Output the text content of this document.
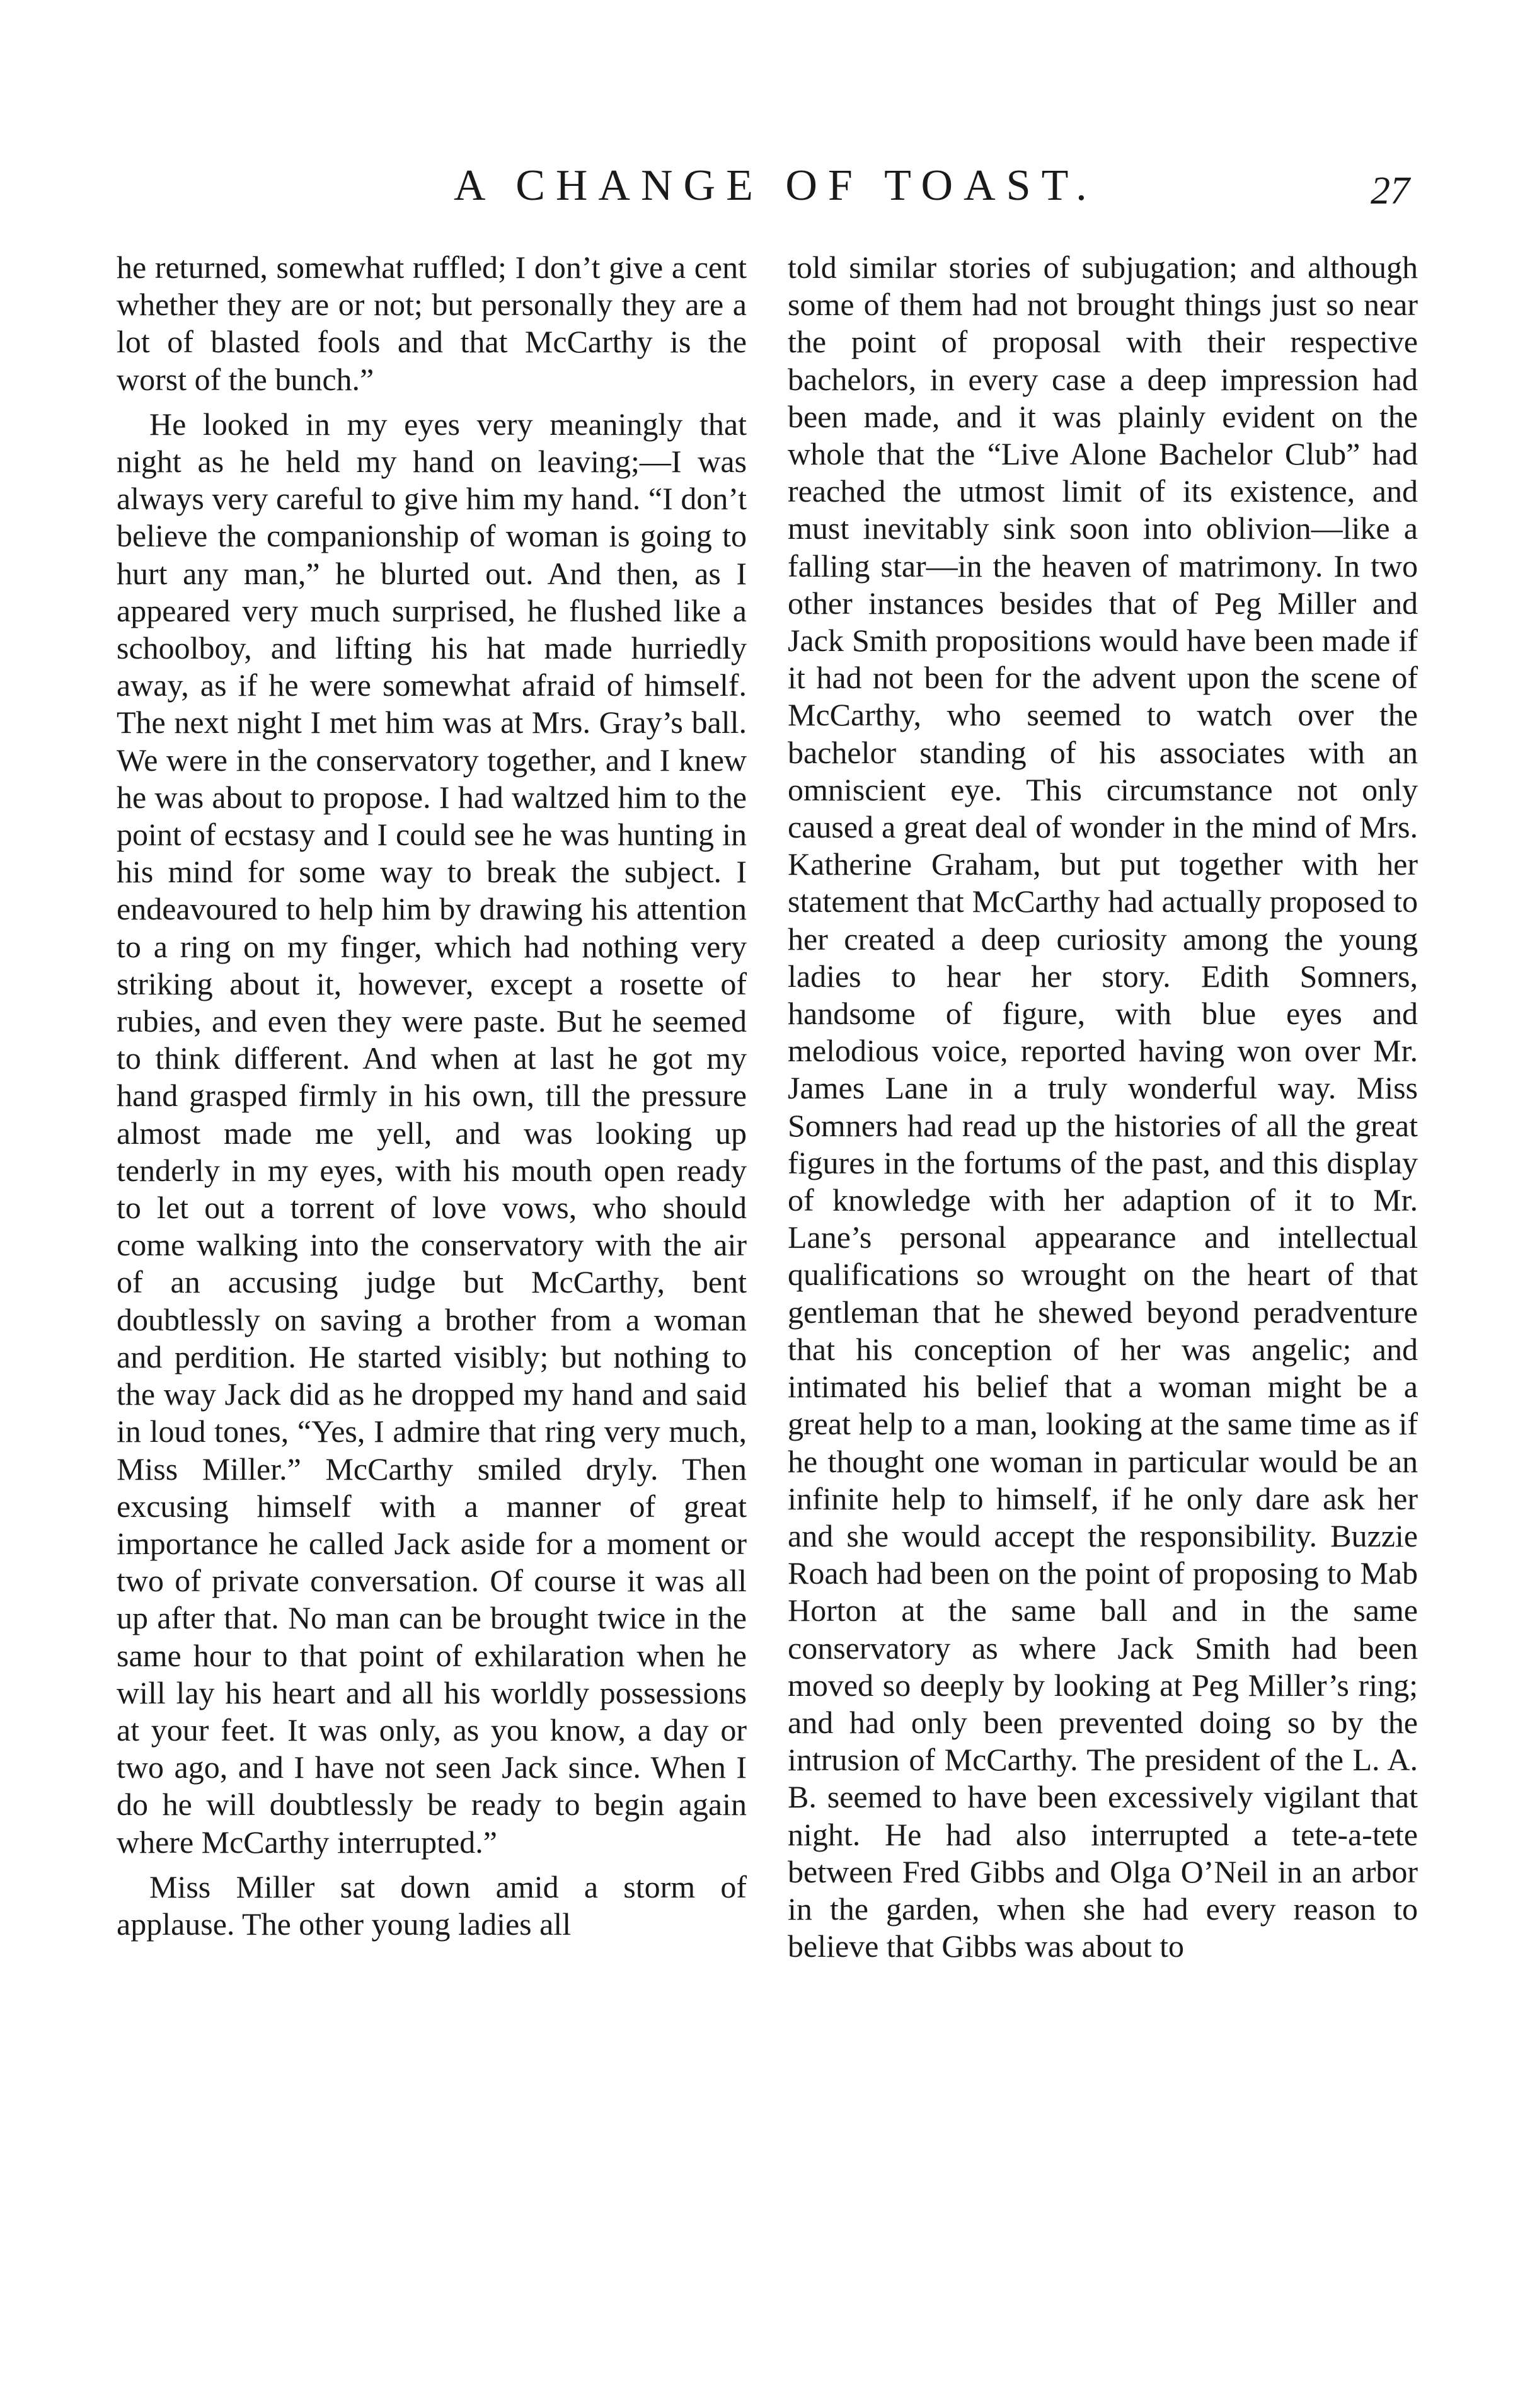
A CHANGE OF TOAST.	27

he returned, somewhat ruffled; I don’t give a cent whether they are or not; but personally they are a lot of blasted fools and that McCarthy is the worst of the bunch.”

He looked in my eyes very meaningly that night as he held my hand on leaving;—I was always very careful to give him my hand. “I don’t believe the companionship of woman is going to hurt any man,” he blurted out. And then, as I appeared very much surprised, he flushed like a schoolboy, and lifting his hat made hurriedly away, as if he were somewhat afraid of himself. The next night I met him was at Mrs. Gray’s ball. We were in the conservatory together, and I knew he was about to propose. I had waltzed him to the point of ecstasy and I could see he was hunting in his mind for some way to break the subject. I endeavoured to help him by drawing his attention to a ring on my finger, which had nothing very striking about it, however, except a rosette of rubies, and even they were paste. But he seemed to think different. And when at last he got my hand grasped firmly in his own, till the pressure almost made me yell, and was looking up tenderly in my eyes, with his mouth open ready to let out a torrent of love vows, who should come walking into the conservatory with the air of an accusing judge but McCarthy, bent doubtlessly on saving a brother from a woman and perdition. He started visibly; but nothing to the way Jack did as he dropped my hand and said in loud tones, “Yes, I admire that ring very much, Miss Miller.” McCarthy smiled dryly. Then excusing himself with a manner of great importance he called Jack aside for a moment or two of private conversation. Of course it was all up after that. No man can be brought twice in the same hour to that point of exhilaration when he will lay his heart and all his worldly possessions at your feet. It was only, as you know, a day or two ago, and I have not seen Jack since. When I do he will doubtlessly be ready to begin again where McCarthy interrupted.”

Miss Miller sat down amid a storm of applause. The other young ladies all

told similar stories of subjugation; and although some of them had not brought things just so near the point of proposal with their respective bachelors, in every case a deep impression had been made, and it was plainly evident on the whole that the “Live Alone Bachelor Club” had reached the utmost limit of its existence, and must inevitably sink soon into oblivion—like a falling star—in the heaven of matrimony. In two other instances besides that of Peg Miller and Jack Smith propositions would have been made if it had not been for the advent upon the scene of McCarthy, who seemed to watch over the bachelor standing of his associates with an omniscient eye. This circumstance not only caused a great deal of wonder in the mind of Mrs. Katherine Graham, but put together with her statement that McCarthy had actually proposed to her created a deep curiosity among the young ladies to hear her story. Edith Somners, handsome of figure, with blue eyes and melodious voice, reported having won over Mr. James Lane in a truly wonderful way. Miss Somners had read up the histories of all the great figures in the fortums of the past, and this display of knowledge with her adaption of it to Mr. Lane’s personal appearance and intellectual qualifications so wrought on the heart of that gentleman that he shewed beyond peradventure that his conception of her was angelic; and intimated his belief that a woman might be a great help to a man, looking at the same time as if he thought one woman in particular would be an infinite help to himself, if he only dare ask her and she would accept the responsibility. Buzzie Roach had been on the point of proposing to Mab Horton at the same ball and in the same conservatory as where Jack Smith had been moved so deeply by looking at Peg Miller’s ring; and had only been prevented doing so by the intrusion of McCarthy. The president of the L. A. B. seemed to have been excessively vigilant that night. He had also interrupted a tete-a-tete between Fred Gibbs and Olga O’Neil in an arbor in the garden, when she had every reason to believe that Gibbs was about to
